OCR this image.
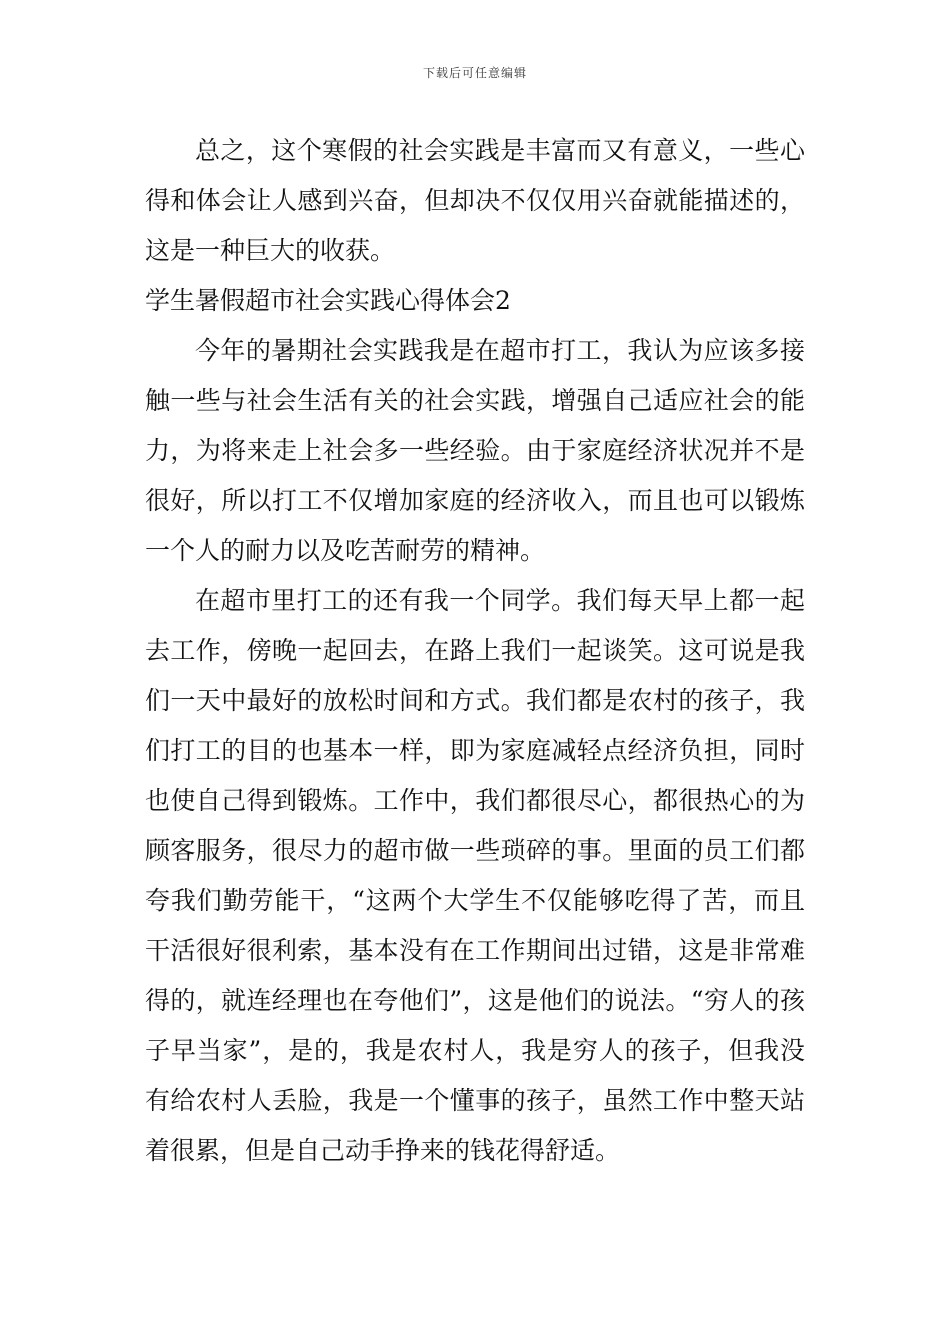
下载后可任意编辑

总之，这个寒假的社会实践是丰富而又有意义，一些心得和体会让人感到兴奋，但却决不仅仅用兴奋就能描述的，这是一种巨大的收获。

学生暑假超市社会实践心得体会2

今年的暑期社会实践我是在超市打工，我认为应该多接触一些与社会生活有关的社会实践，增强自己适应社会的能力，为将来走上社会多一些经验。由于家庭经济状况并不是很好，所以打工不仅增加家庭的经济收入，而且也可以锻炼一个人的耐力以及吃苦耐劳的精神。

在超市里打工的还有我一个同学。我们每天早上都一起去工作，傍晚一起回去，在路上我们一起谈笑。这可说是我们一天中最好的放松时间和方式。我们都是农村的孩子，我们打工的目的也基本一样，即为家庭减轻点经济负担，同时也使自己得到锻炼。工作中，我们都很尽心，都很热心的为顾客服务，很尽力的超市做一些琐碎的事。里面的员工们都夸我们勤劳能干，“这两个大学生不仅能够吃得了苦，而且干活很好很利索，基本没有在工作期间出过错，这是非常难得的，就连经理也在夸他们”，这是他们的说法。“穷人的孩子早当家”，是的，我是农村人，我是穷人的孩子，但我没有给农村人丢脸，我是一个懂事的孩子，虽然工作中整天站着很累，但是自己动手挣来的钱花得舒适。
